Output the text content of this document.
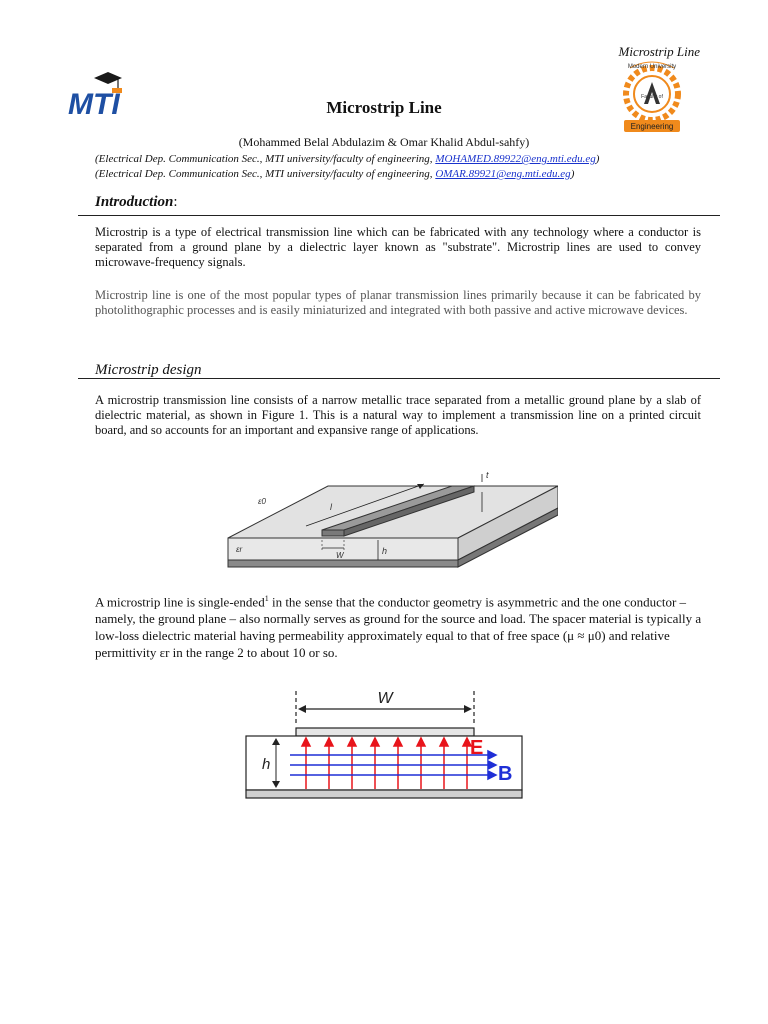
Microstrip Line
MTI
Modern University
Faculty of
Engineering
Microstrip Line
(Mohammed Belal Abdulazim & Omar Khalid Abdul-sahfy)
(Electrical Dep. Communication Sec., MTI university/faculty of engineering, MOHAMED.89922@eng.mti.edu.eg)
(Electrical Dep. Communication Sec., MTI university/faculty of engineering, OMAR.89921@eng.mti.edu.eg)
Introduction:
Microstrip is a type of electrical transmission line which can be fabricated with any technology where a conductor is separated from a ground plane by a dielectric layer known as "substrate". Microstrip lines are used to convey microwave-frequency signals.
Microstrip line is one of the most popular types of planar transmission lines primarily because it can be fabricated by photolithographic processes and is easily miniaturized and integrated with both passive and active microwave devices.
Microstrip design
A microstrip transmission line consists of a narrow metallic trace separated from a metallic ground plane by a slab of dielectric material, as shown in Figure 1. This is a natural way to implement a transmission line on a printed circuit board, and so accounts for an important and expansive range of applications.
ε0
εr
l
W	h
t
A microstrip line is single-ended$^1$ in the sense that the conductor geometry is asymmetric and the one conductor – namely, the ground plane – also normally serves as ground for the source and load. The spacer material is typically a low-loss dielectric material having permeability approximately equal to that of free space (μ ≈ μ0) and relative permittivity εr in the range 2 to about 10 or so.
W
h
E
B
